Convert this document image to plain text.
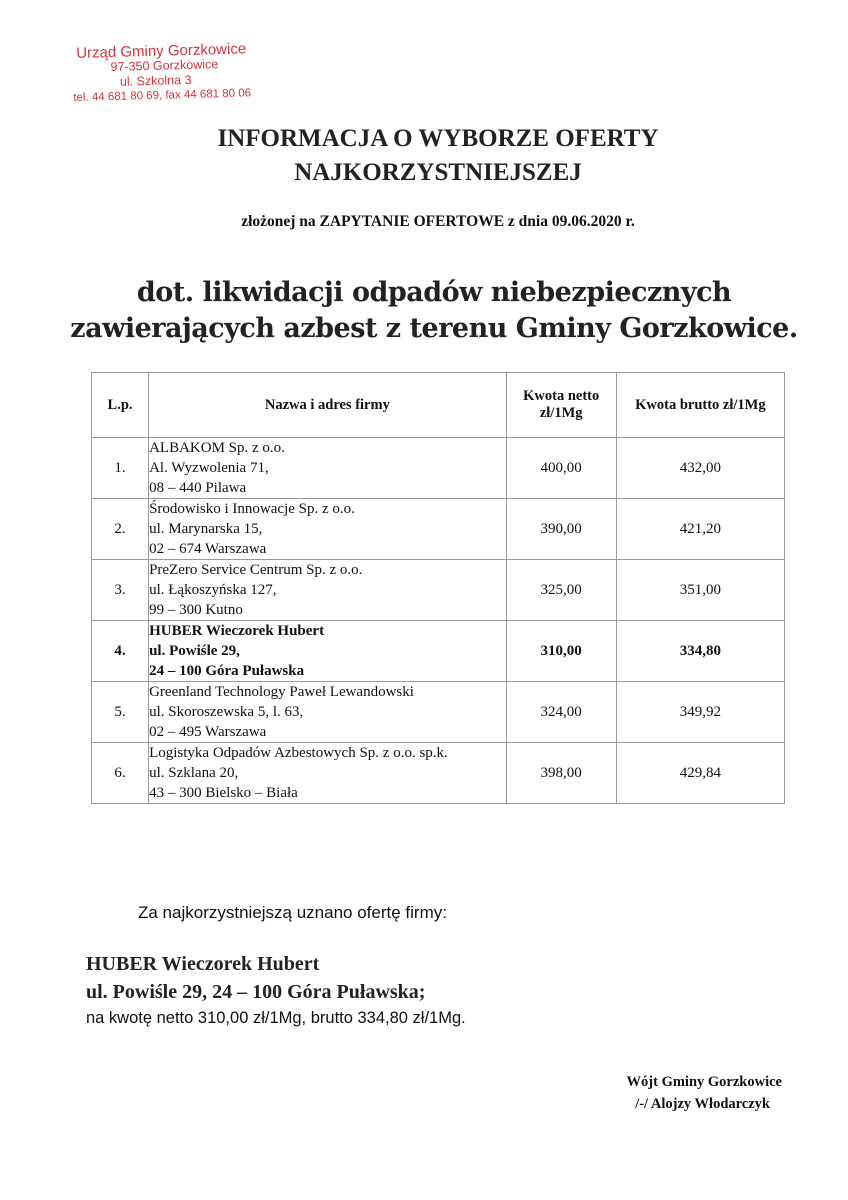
Urząd Gminy Gorzkowice
97-350 Gorzkowice
ul. Szkolna 3
tel. 44 681 80 69, fax 44 681 80 06
INFORMACJA O WYBORZE OFERTY
NAJKORZYSTNIEJSZEJ
złożonej na ZAPYTANIE OFERTOWE z dnia 09.06.2020 r.
dot. likwidacji odpadów niebezpiecznych
zawierających azbest z terenu Gminy Gorzkowice.
L.p.	Nazwa i adres firmy	Kwota netto
zł/1Mg	Kwota brutto zł/1Mg
1.	ALBAKOM Sp. z o.o.
Al. Wyzwolenia 71,
08 – 440 Pilawa	400,00	432,00
2.	Środowisko i Innowacje Sp. z o.o.
ul. Marynarska 15,
02 – 674 Warszawa	390,00	421,20
3.	PreZero Service Centrum Sp. z o.o.
ul. Łąkoszyńska 127,
99 – 300 Kutno	325,00	351,00
4.	HUBER Wieczorek Hubert
ul. Powiśle 29,
24 – 100 Góra Puławska	310,00	334,80
5.	Greenland Technology Paweł Lewandowski
ul. Skoroszewska 5, l. 63,
02 – 495 Warszawa	324,00	349,92
6.	Logistyka Odpadów Azbestowych Sp. z o.o. sp.k.
ul. Szklana 20,
43 – 300 Bielsko – Biała	398,00	429,84
Za najkorzystniejszą uznano ofertę firmy:
HUBER Wieczorek Hubert
ul. Powiśle 29, 24 – 100 Góra Puławska;
na kwotę netto 310,00 zł/1Mg, brutto 334,80 zł/1Mg.
Wójt Gminy Gorzkowice
/-/ Alojzy Włodarczyk
